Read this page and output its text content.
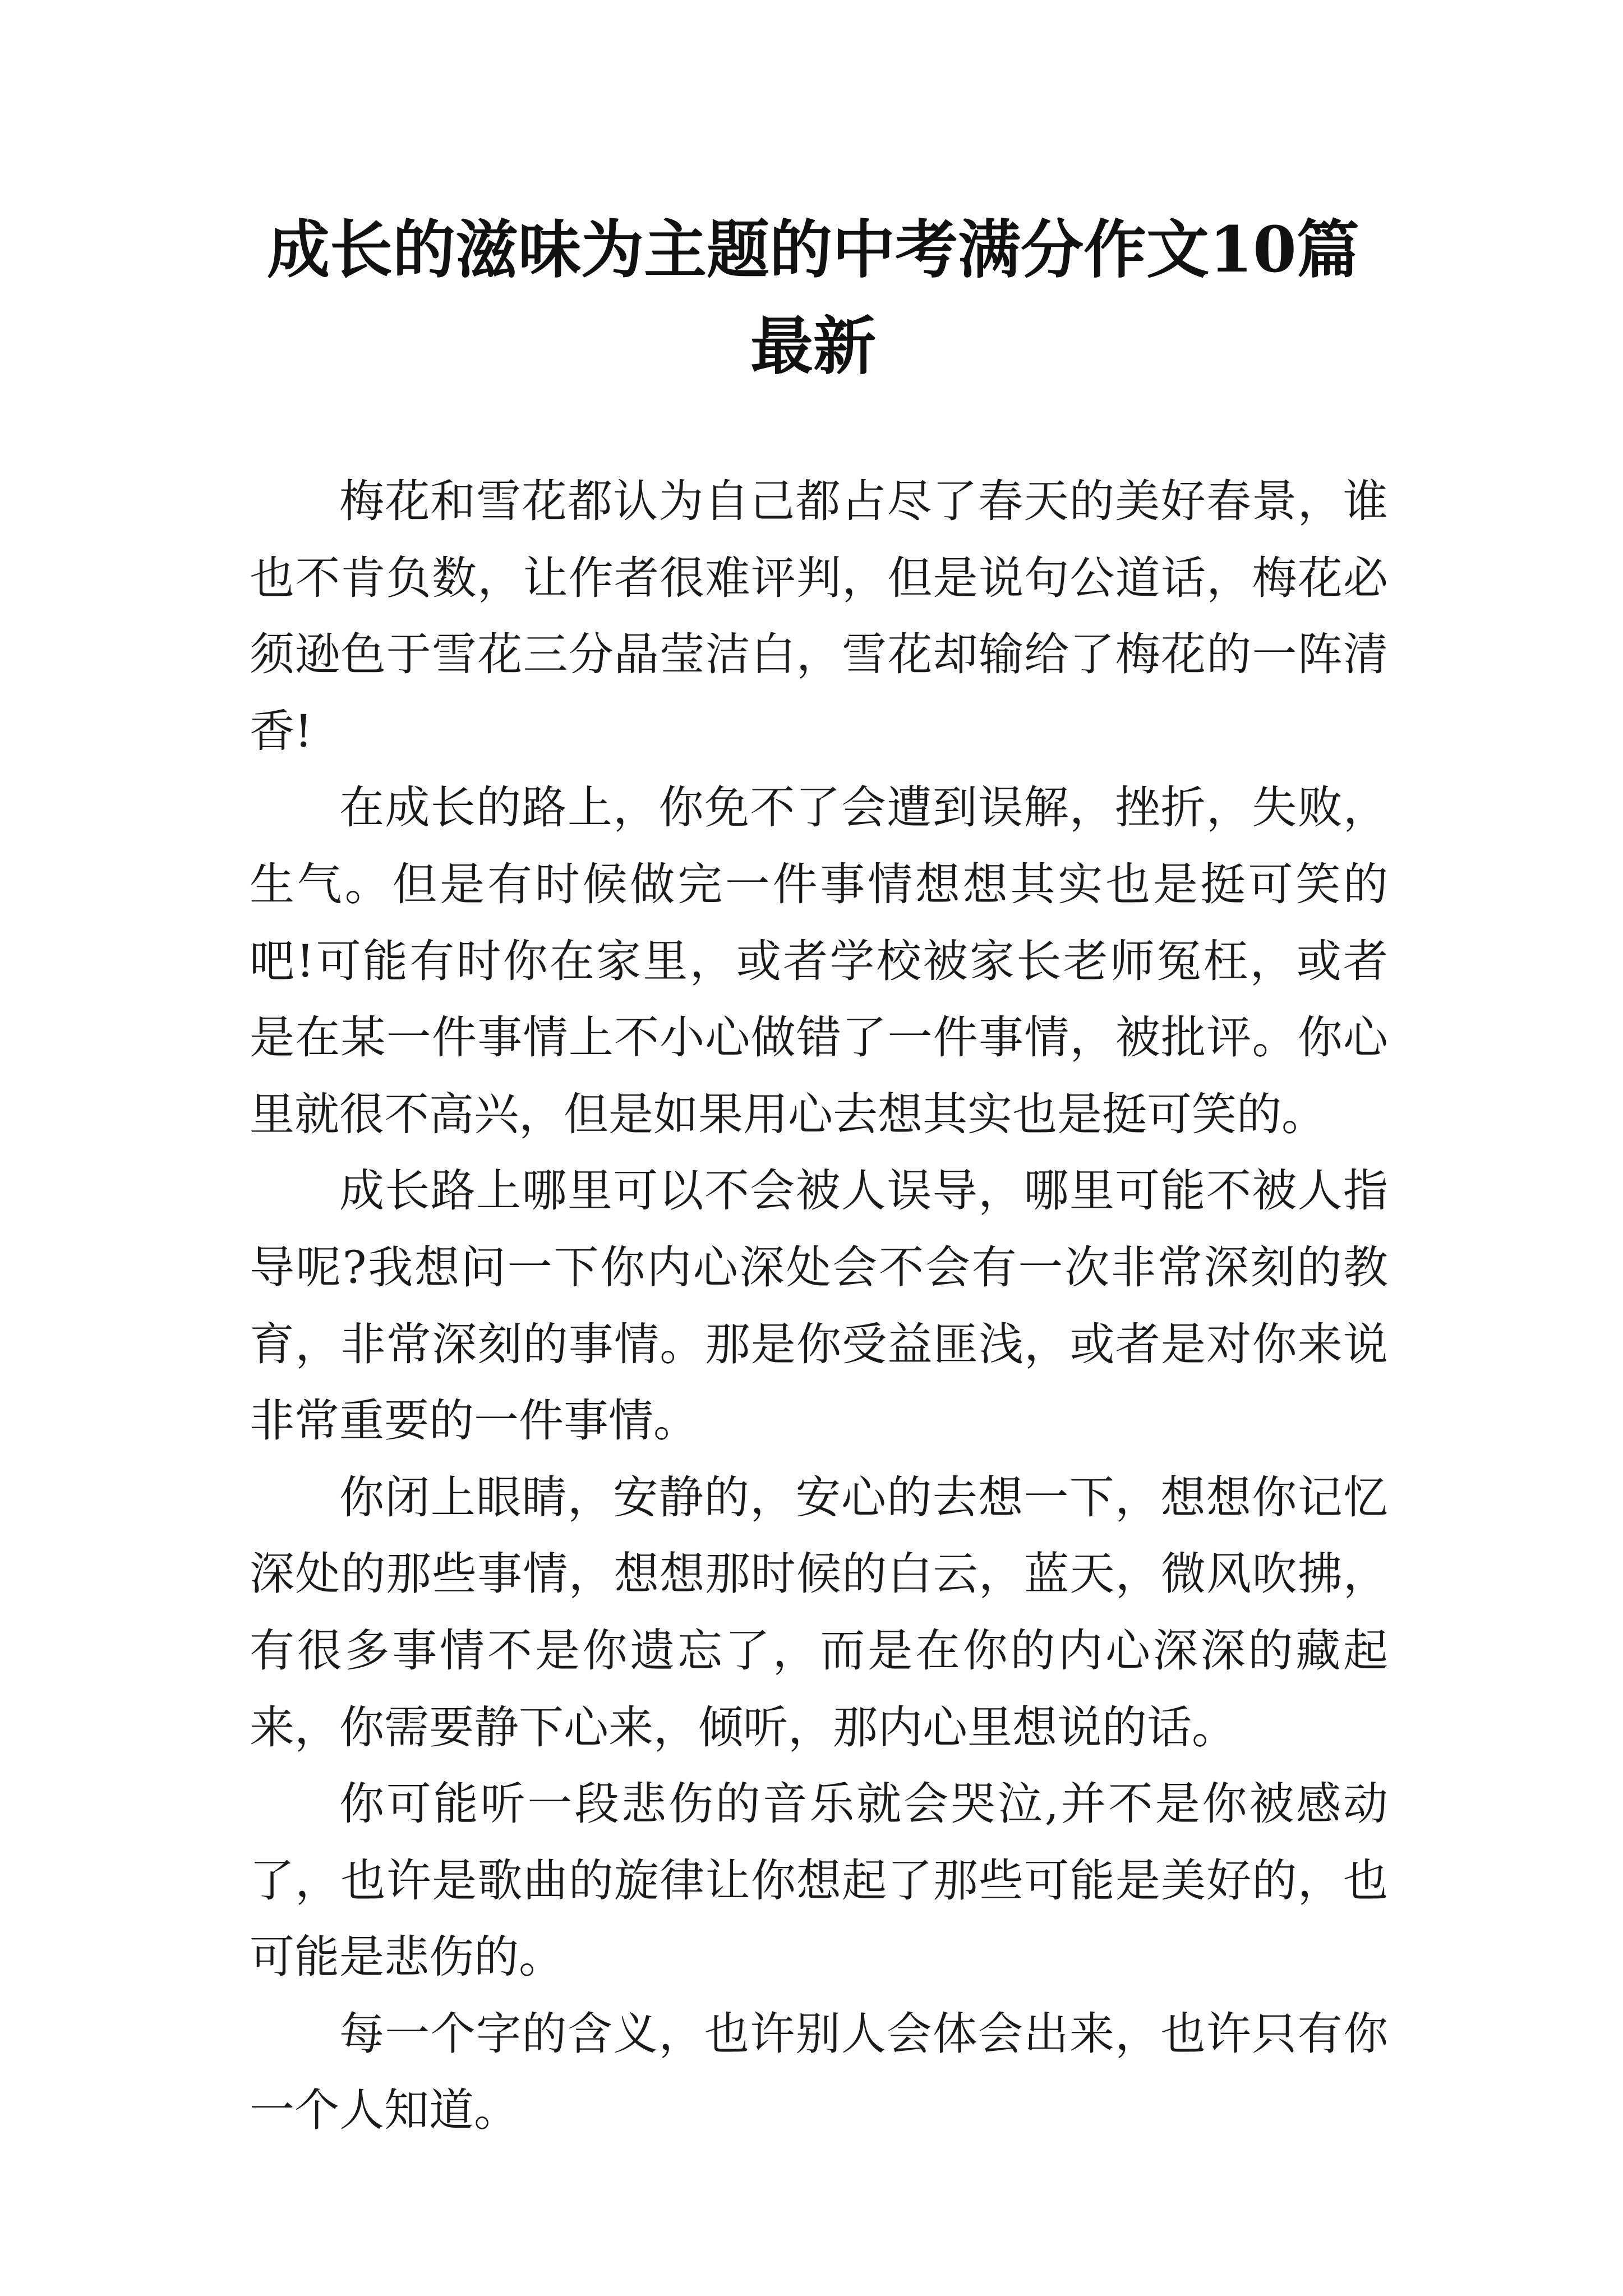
成长的滋味为主题的中考满分作文10篇最新

梅花和雪花都认为自己都占尽了春天的美好春景，谁也不肯负数，让作者很难评判，但是说句公道话，梅花必须逊色于雪花三分晶莹洁白，雪花却输给了梅花的一阵清香!

在成长的路上，你免不了会遭到误解，挫折，失败，生气。但是有时候做完一件事情想想其实也是挺可笑的吧!可能有时你在家里，或者学校被家长老师冤枉，或者是在某一件事情上不小心做错了一件事情，被批评。你心里就很不高兴，但是如果用心去想其实也是挺可笑的。

成长路上哪里可以不会被人误导，哪里可能不被人指导呢?我想问一下你内心深处会不会有一次非常深刻的教育，非常深刻的事情。那是你受益匪浅，或者是对你来说非常重要的一件事情。

你闭上眼睛，安静的，安心的去想一下，想想你记忆深处的那些事情，想想那时候的白云，蓝天，微风吹拂，有很多事情不是你遗忘了，而是在你的内心深深的藏起来，你需要静下心来，倾听，那内心里想说的话。

你可能听一段悲伤的音乐就会哭泣,并不是你被感动了，也许是歌曲的旋律让你想起了那些可能是美好的，也可能是悲伤的。

每一个字的含义，也许别人会体会出来，也许只有你一个人知道。
